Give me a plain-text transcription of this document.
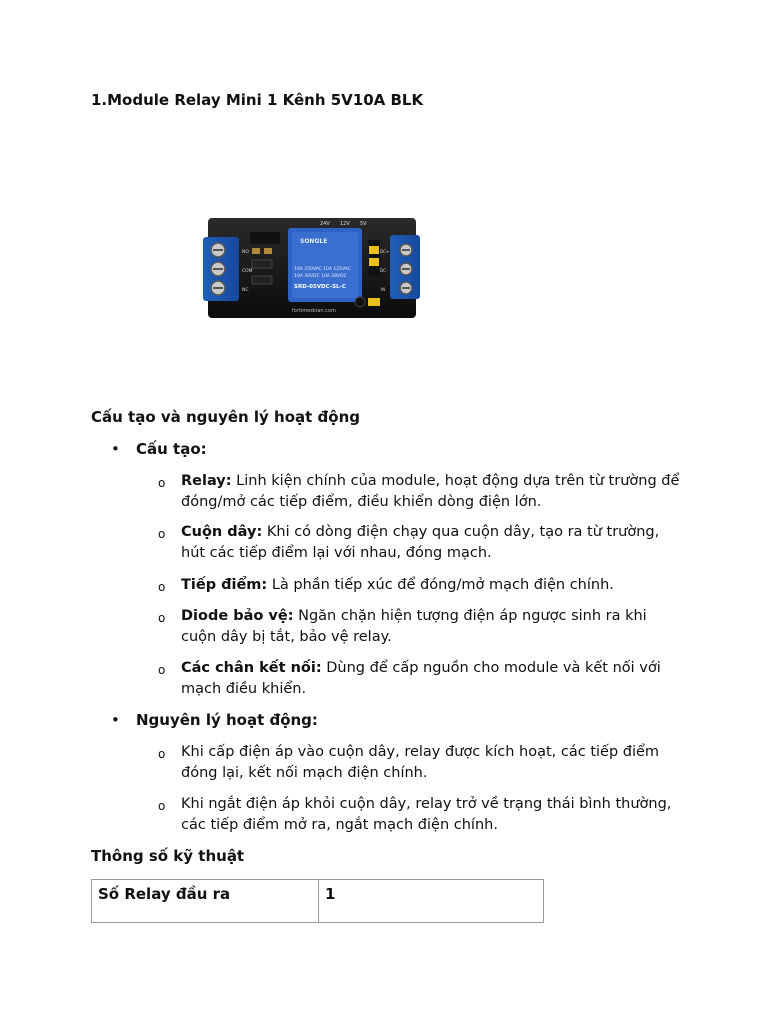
1.Module Relay Mini 1 Kênh 5V10A BLK
SONGLE
10A 250VAC 10A 125VAC
10A 30VDC 10A 28VDC
SRD-05VDC-SL-C
24V 12V 5V
NO
COM
NC
DC+
DC-
IN
fortimexkian.com
Cấu tạo và nguyên lý hoạt động
•	Cấu tạo:
o Relay: Linh kiện chính của module, hoạt động dựa trên từ trường để đóng/mở các tiếp điểm, điều khiển dòng điện lớn.
o Cuộn dây: Khi có dòng điện chạy qua cuộn dây, tạo ra từ trường, hút các tiếp điểm lại với nhau, đóng mạch.
o Tiếp điểm: Là phần tiếp xúc để đóng/mở mạch điện chính.
o Diode bảo vệ: Ngăn chặn hiện tượng điện áp ngược sinh ra khi cuộn dây bị tắt, bảo vệ relay.
o Các chân kết nối: Dùng để cấp nguồn cho module và kết nối với mạch điều khiển.
•	Nguyên lý hoạt động:
o Khi cấp điện áp vào cuộn dây, relay được kích hoạt, các tiếp điểm đóng lại, kết nối mạch điện chính.
o Khi ngắt điện áp khỏi cuộn dây, relay trở về trạng thái bình thường, các tiếp điểm mở ra, ngắt mạch điện chính.
Thông số kỹ thuật
Số Relay đầu ra	1
